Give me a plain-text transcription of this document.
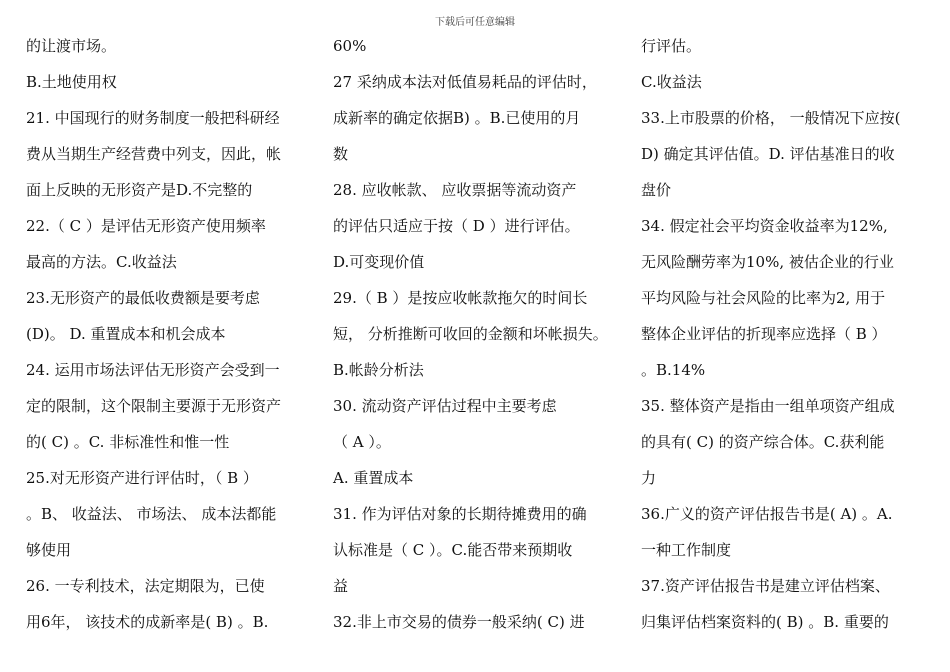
下载后可任意编辑
的让渡市场。
B.土地使用权
21. 中国现行的财务制度一般把科研经
费从当期生产经营费中列支，因此，帐
面上反映的无形资产是D.不完整的
22.（ C ）是评估无形资产使用频率
最高的方法。C.收益法
23.无形资产的最低收费额是要考虑
(D)。 D. 重置成本和机会成本
24. 运用市场法评估无形资产会受到一
定的限制，这个限制主要源于无形资产
的( C) 。C. 非标准性和惟一性
25.对无形资产进行评估时，（ B ）
。B、 收益法、 市场法、 成本法都能
够使用
26. 一专利技术，法定期限为，已使
用6年， 该技术的成新率是( B) 。B.
60%
27 采纳成本法对低值易耗品的评估时，
成新率的确定依据B) 。B.已使用的月
数
28. 应收帐款、 应收票据等流动资产
的评估只适应于按（ D ）进行评估。
D.可变现价值
29.（ B ）是按应收帐款拖欠的时间长
短， 分析推断可收回的金额和坏帐损失。
B.帐龄分析法
30. 流动资产评估过程中主要考虑
（ A ）。
A. 重置成本
31. 作为评估对象的长期待摊费用的确
认标准是（ C ）。C.能否带来预期收
益
32.非上市交易的债券一般采纳( C) 进
行评估。
C.收益法
33.上市股票的价格， 一般情况下应按(
D) 确定其评估值。D. 评估基准日的收
盘价
34. 假定社会平均资金收益率为12%,
无风险酬劳率为10%, 被估企业的行业
平均风险与社会风险的比率为2, 用于
整体企业评估的折现率应选择（ B ）
。B.14%
35. 整体资产是指由一组单项资产组成
的具有( C) 的资产综合体。C.获利能
力
36.广义的资产评估报告书是( A) 。A.
一种工作制度
37.资产评估报告书是建立评估档案、
归集评估档案资料的( B) 。B. 重要的
